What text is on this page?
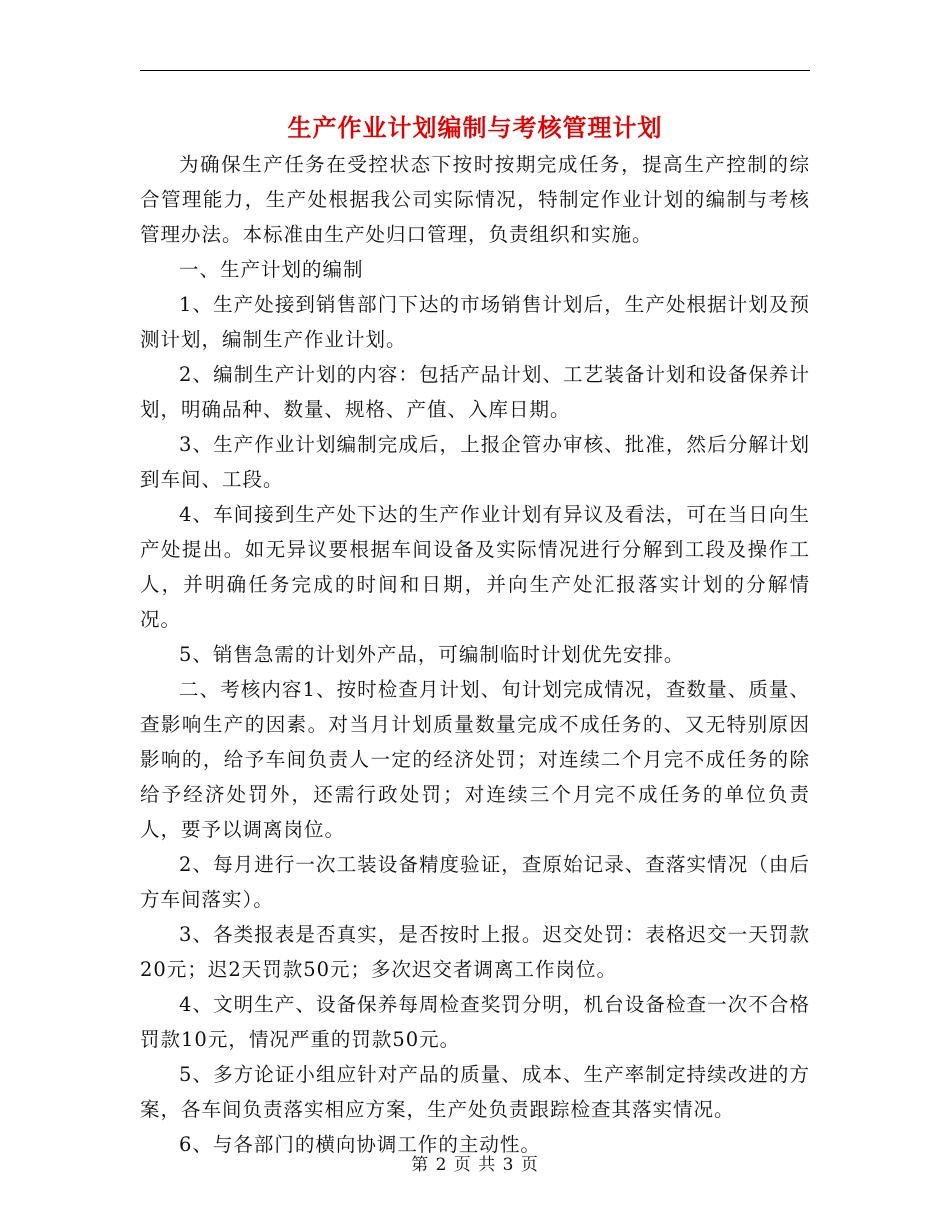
生产作业计划编制与考核管理计划

为确保生产任务在受控状态下按时按期完成任务，提高生产控制的综合管理能力，生产处根据我公司实际情况，特制定作业计划的编制与考核管理办法。本标准由生产处归口管理，负责组织和实施。

一、生产计划的编制

1、生产处接到销售部门下达的市场销售计划后，生产处根据计划及预测计划，编制生产作业计划。

2、编制生产计划的内容：包括产品计划、工艺装备计划和设备保养计划，明确品种、数量、规格、产值、入库日期。

3、生产作业计划编制完成后，上报企管办审核、批准，然后分解计划到车间、工段。

4、车间接到生产处下达的生产作业计划有异议及看法，可在当日向生产处提出。如无异议要根据车间设备及实际情况进行分解到工段及操作工人，并明确任务完成的时间和日期，并向生产处汇报落实计划的分解情况。

5、销售急需的计划外产品，可编制临时计划优先安排。

二、考核内容1、按时检查月计划、旬计划完成情况，查数量、质量、查影响生产的因素。对当月计划质量数量完成不成任务的、又无特别原因影响的，给予车间负责人一定的经济处罚；对连续二个月完不成任务的除给予经济处罚外，还需行政处罚；对连续三个月完不成任务的单位负责人，要予以调离岗位。

2、每月进行一次工装设备精度验证，查原始记录、查落实情况（由后方车间落实）。

3、各类报表是否真实，是否按时上报。迟交处罚：表格迟交一天罚款20元；迟2天罚款50元；多次迟交者调离工作岗位。

4、文明生产、设备保养每周检查奖罚分明，机台设备检查一次不合格罚款10元，情况严重的罚款50元。

5、多方论证小组应针对产品的质量、成本、生产率制定持续改进的方案，各车间负责落实相应方案，生产处负责跟踪检查其落实情况。

6、与各部门的横向协调工作的主动性。

第 2 页 共 3 页
